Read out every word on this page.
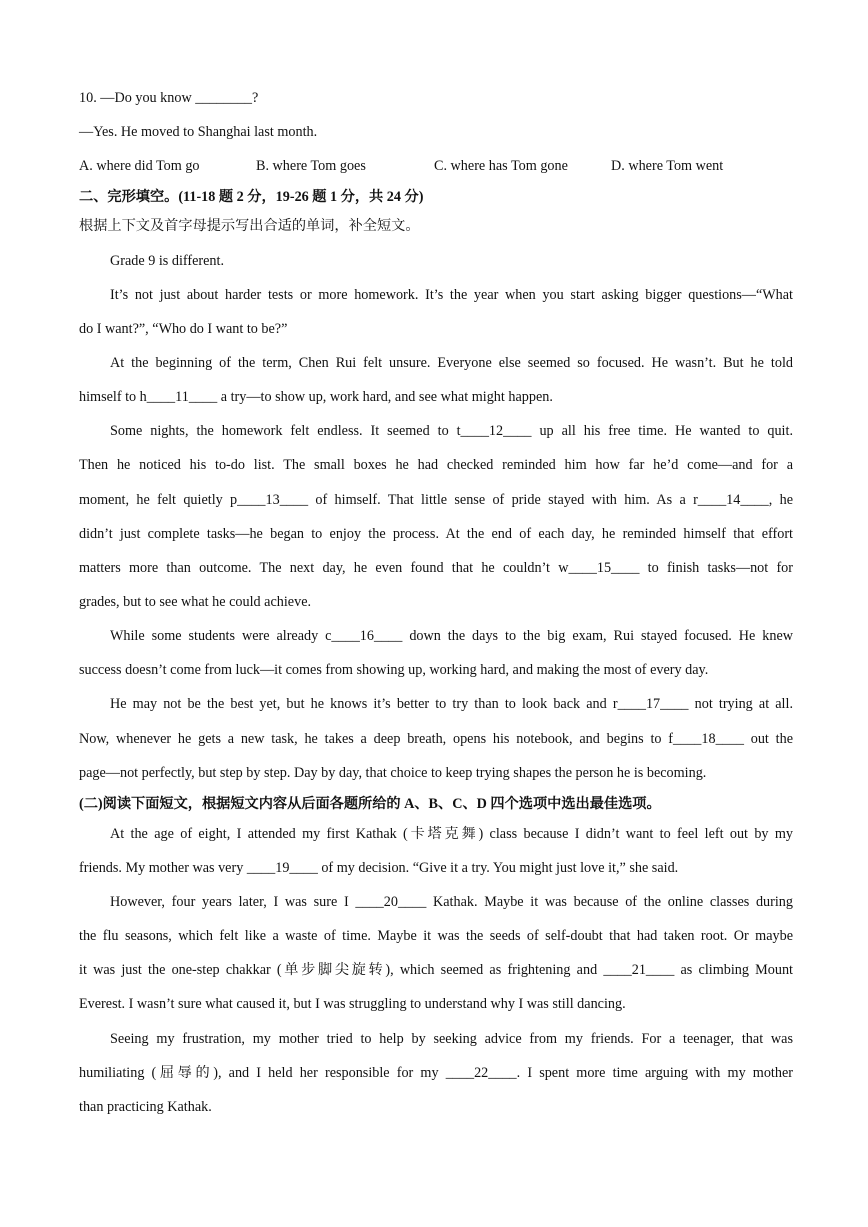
10. —Do you know ________?
—Yes. He moved to Shanghai last month.
A. where did Tom go	B. where Tom goes	C. where has Tom gone	D. where Tom went
二、完形填空。(11-18 题 2 分，19-26 题 1 分，共 24 分)
根据上下文及首字母提示写出合适的单词，补全短文。
Grade 9 is different.
It’s not just about harder tests or more homework. It’s the year when you start asking bigger questions—“What
do I want?”, “Who do I want to be?”
At the beginning of the term, Chen Rui felt unsure. Everyone else seemed so focused. He wasn’t. But he told
himself to h____11____ a try—to show up, work hard, and see what might happen.
Some nights, the homework felt endless. It seemed to t____12____ up all his free time. He wanted to quit.
Then he noticed his to-do list. The small boxes he had checked reminded him how far he’d come—and for a
moment, he felt quietly p____13____ of himself. That little sense of pride stayed with him. As a r____14____, he
didn’t just complete tasks—he began to enjoy the process. At the end of each day, he reminded himself that effort
matters more than outcome. The next day, he even found that he couldn’t w____15____ to finish tasks—not for
grades, but to see what he could achieve.
While some students were already c____16____ down the days to the big exam, Rui stayed focused. He knew
success doesn’t come from luck—it comes from showing up, working hard, and making the most of every day.
He may not be the best yet, but he knows it’s better to try than to look back and r____17____ not trying at all.
Now, whenever he gets a new task, he takes a deep breath, opens his notebook, and begins to f____18____ out the
page—not perfectly, but step by step. Day by day, that choice to keep trying shapes the person he is becoming.
(二)阅读下面短文，根据短文内容从后面各题所给的 A、B、C、D 四个选项中选出最佳选项。
At the age of eight, I attended my first Kathak (卡塔克舞) class because I didn’t want to feel left out by my
friends. My mother was very ____19____ of my decision. “Give it a try. You might just love it,” she said.
However, four years later, I was sure I ____20____ Kathak. Maybe it was because of the online classes during
the flu seasons, which felt like a waste of time. Maybe it was the seeds of self-doubt that had taken root. Or maybe
it was just the one-step chakkar (单步脚尖旋转), which seemed as frightening and ____21____ as climbing Mount
Everest. I wasn’t sure what caused it, but I was struggling to understand why I was still dancing.
Seeing my frustration, my mother tried to help by seeking advice from my friends. For a teenager, that was
humiliating (屈辱的), and I held her responsible for my ____22____. I spent more time arguing with my mother
than practicing Kathak.
